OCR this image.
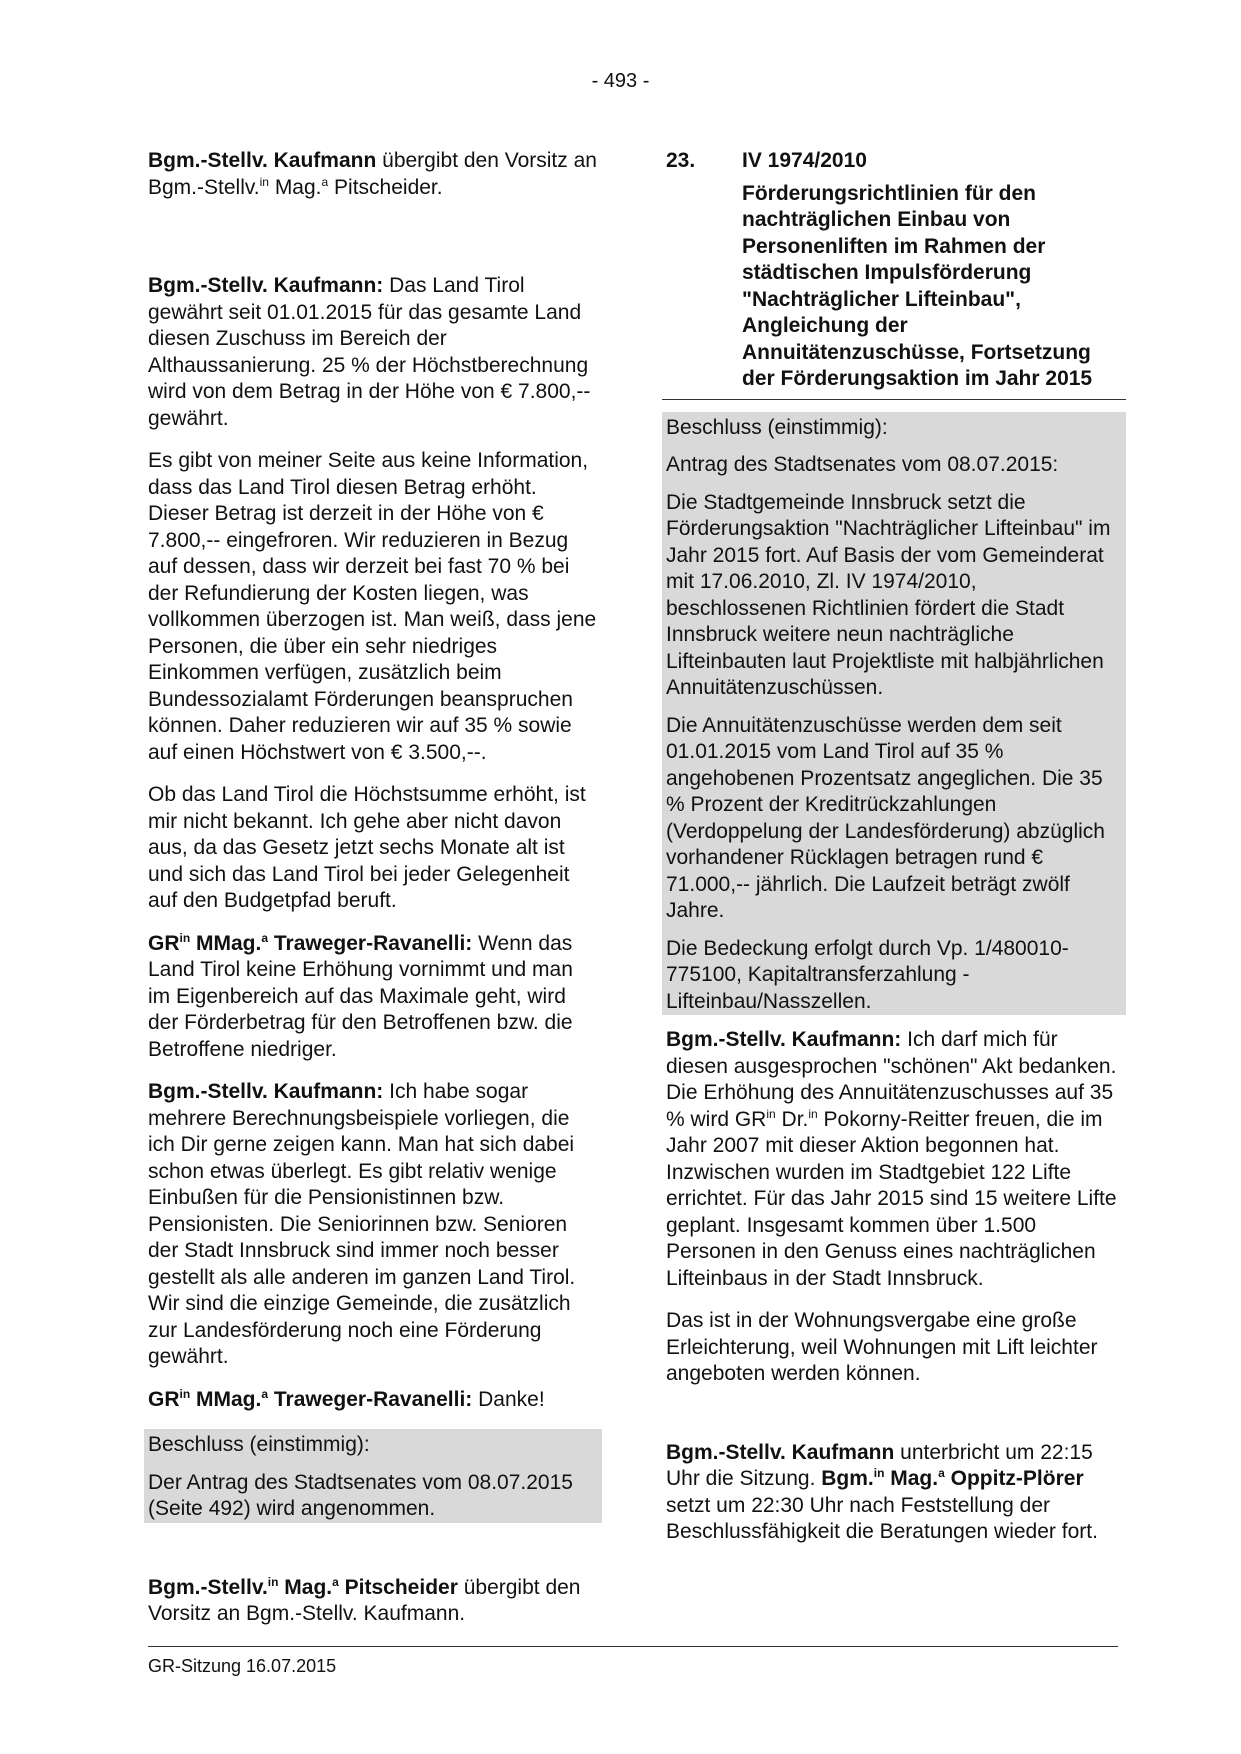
- 493 -

Bgm.-Stellv. Kaufmann übergibt den Vorsitz an Bgm.-Stellv.$^{in}$ Mag.$^a$ Pitscheider.

Bgm.-Stellv. Kaufmann: Das Land Tirol gewährt seit 01.01.2015 für das gesamte Land diesen Zuschuss im Bereich der Althaussanierung. 25 % der Höchstberechnung wird von dem Betrag in der Höhe von € 7.800,-- gewährt.

Es gibt von meiner Seite aus keine Information, dass das Land Tirol diesen Betrag erhöht. Dieser Betrag ist derzeit in der Höhe von € 7.800,-- eingefroren. Wir reduzieren in Bezug auf dessen, dass wir derzeit bei fast 70 % bei der Refundierung der Kosten liegen, was vollkommen überzogen ist. Man weiß, dass jene Personen, die über ein sehr niedriges Einkommen verfügen, zusätzlich beim Bundessozialamt Förderungen beanspruchen können. Daher reduzieren wir auf 35 % sowie auf einen Höchstwert von € 3.500,--.

Ob das Land Tirol die Höchstsumme erhöht, ist mir nicht bekannt. Ich gehe aber nicht davon aus, da das Gesetz jetzt sechs Monate alt ist und sich das Land Tirol bei jeder Gelegenheit auf den Budgetpfad beruft.

$GR^{in}$ MMag.$^a$ Traweger-Ravanelli: Wenn das Land Tirol keine Erhöhung vornimmt und man im Eigenbereich auf das Maximale geht, wird der Förderbetrag für den Betroffenen bzw. die Betroffene niedriger.

Bgm.-Stellv. Kaufmann: Ich habe sogar mehrere Berechnungsbeispiele vorliegen, die ich Dir gerne zeigen kann. Man hat sich dabei schon etwas überlegt. Es gibt relativ wenige Einbußen für die Pensionistinnen bzw. Pensionisten. Die Seniorinnen bzw. Senioren der Stadt Innsbruck sind immer noch besser gestellt als alle anderen im ganzen Land Tirol. Wir sind die einzige Gemeinde, die zusätzlich zur Landesförderung noch eine Förderung gewährt.

$GR^{in}$ MMag.$^a$ Traweger-Ravanelli: Danke!

Beschluss (einstimmig):

Der Antrag des Stadtsenates vom 08.07.2015 (Seite 492) wird angenommen.

Bgm.-Stellv.$^{in}$ Mag.$^a$ Pitscheider übergibt den Vorsitz an Bgm.-Stellv. Kaufmann.

23.	IV 1974/2010

Förderungsrichtlinien für den nachträglichen Einbau von Personenliften im Rahmen der städtischen Impulsförderung "Nachträglicher Lifteinbau", Angleichung der Annuitätenzuschüsse, Fortsetzung der Förderungsaktion im Jahr 2015

Beschluss (einstimmig):

Antrag des Stadtsenates vom 08.07.2015:

Die Stadtgemeinde Innsbruck setzt die Förderungsaktion "Nachträglicher Lifteinbau" im Jahr 2015 fort. Auf Basis der vom Gemeinderat mit 17.06.2010, Zl. IV 1974/2010, beschlossenen Richtlinien fördert die Stadt Innsbruck weitere neun nachträgliche Lifteinbauten laut Projektliste mit halbjährlichen Annuitätenzuschüssen.

Die Annuitätenzuschüsse werden dem seit 01.01.2015 vom Land Tirol auf 35 % angehobenen Prozentsatz angeglichen. Die 35 % Prozent der Kreditrückzahlungen (Verdoppelung der Landesförderung) abzüglich vorhandener Rücklagen betragen rund € 71.000,-- jährlich. Die Laufzeit beträgt zwölf Jahre.

Die Bedeckung erfolgt durch Vp. 1/480010-775100, Kapitaltransferzahlung - Lifteinbau/Nasszellen.

Bgm.-Stellv. Kaufmann: Ich darf mich für diesen ausgesprochen "schönen" Akt bedanken. Die Erhöhung des Annuitätenzuschusses auf 35 % wird $GR^{in}$ Dr.$^{in}$ Pokorny-Reitter freuen, die im Jahr 2007 mit dieser Aktion begonnen hat. Inzwischen wurden im Stadtgebiet 122 Lifte errichtet. Für das Jahr 2015 sind 15 weitere Lifte geplant. Insgesamt kommen über 1.500 Personen in den Genuss eines nachträglichen Lifteinbaus in der Stadt Innsbruck.

Das ist in der Wohnungsvergabe eine große Erleichterung, weil Wohnungen mit Lift leichter angeboten werden können.

Bgm.-Stellv. Kaufmann unterbricht um 22:15 Uhr die Sitzung. Bgm.$^{in}$ Mag.$^a$ Oppitz-Plörer setzt um 22:30 Uhr nach Feststellung der Beschlussfähigkeit die Beratungen wieder fort.

GR-Sitzung 16.07.2015
